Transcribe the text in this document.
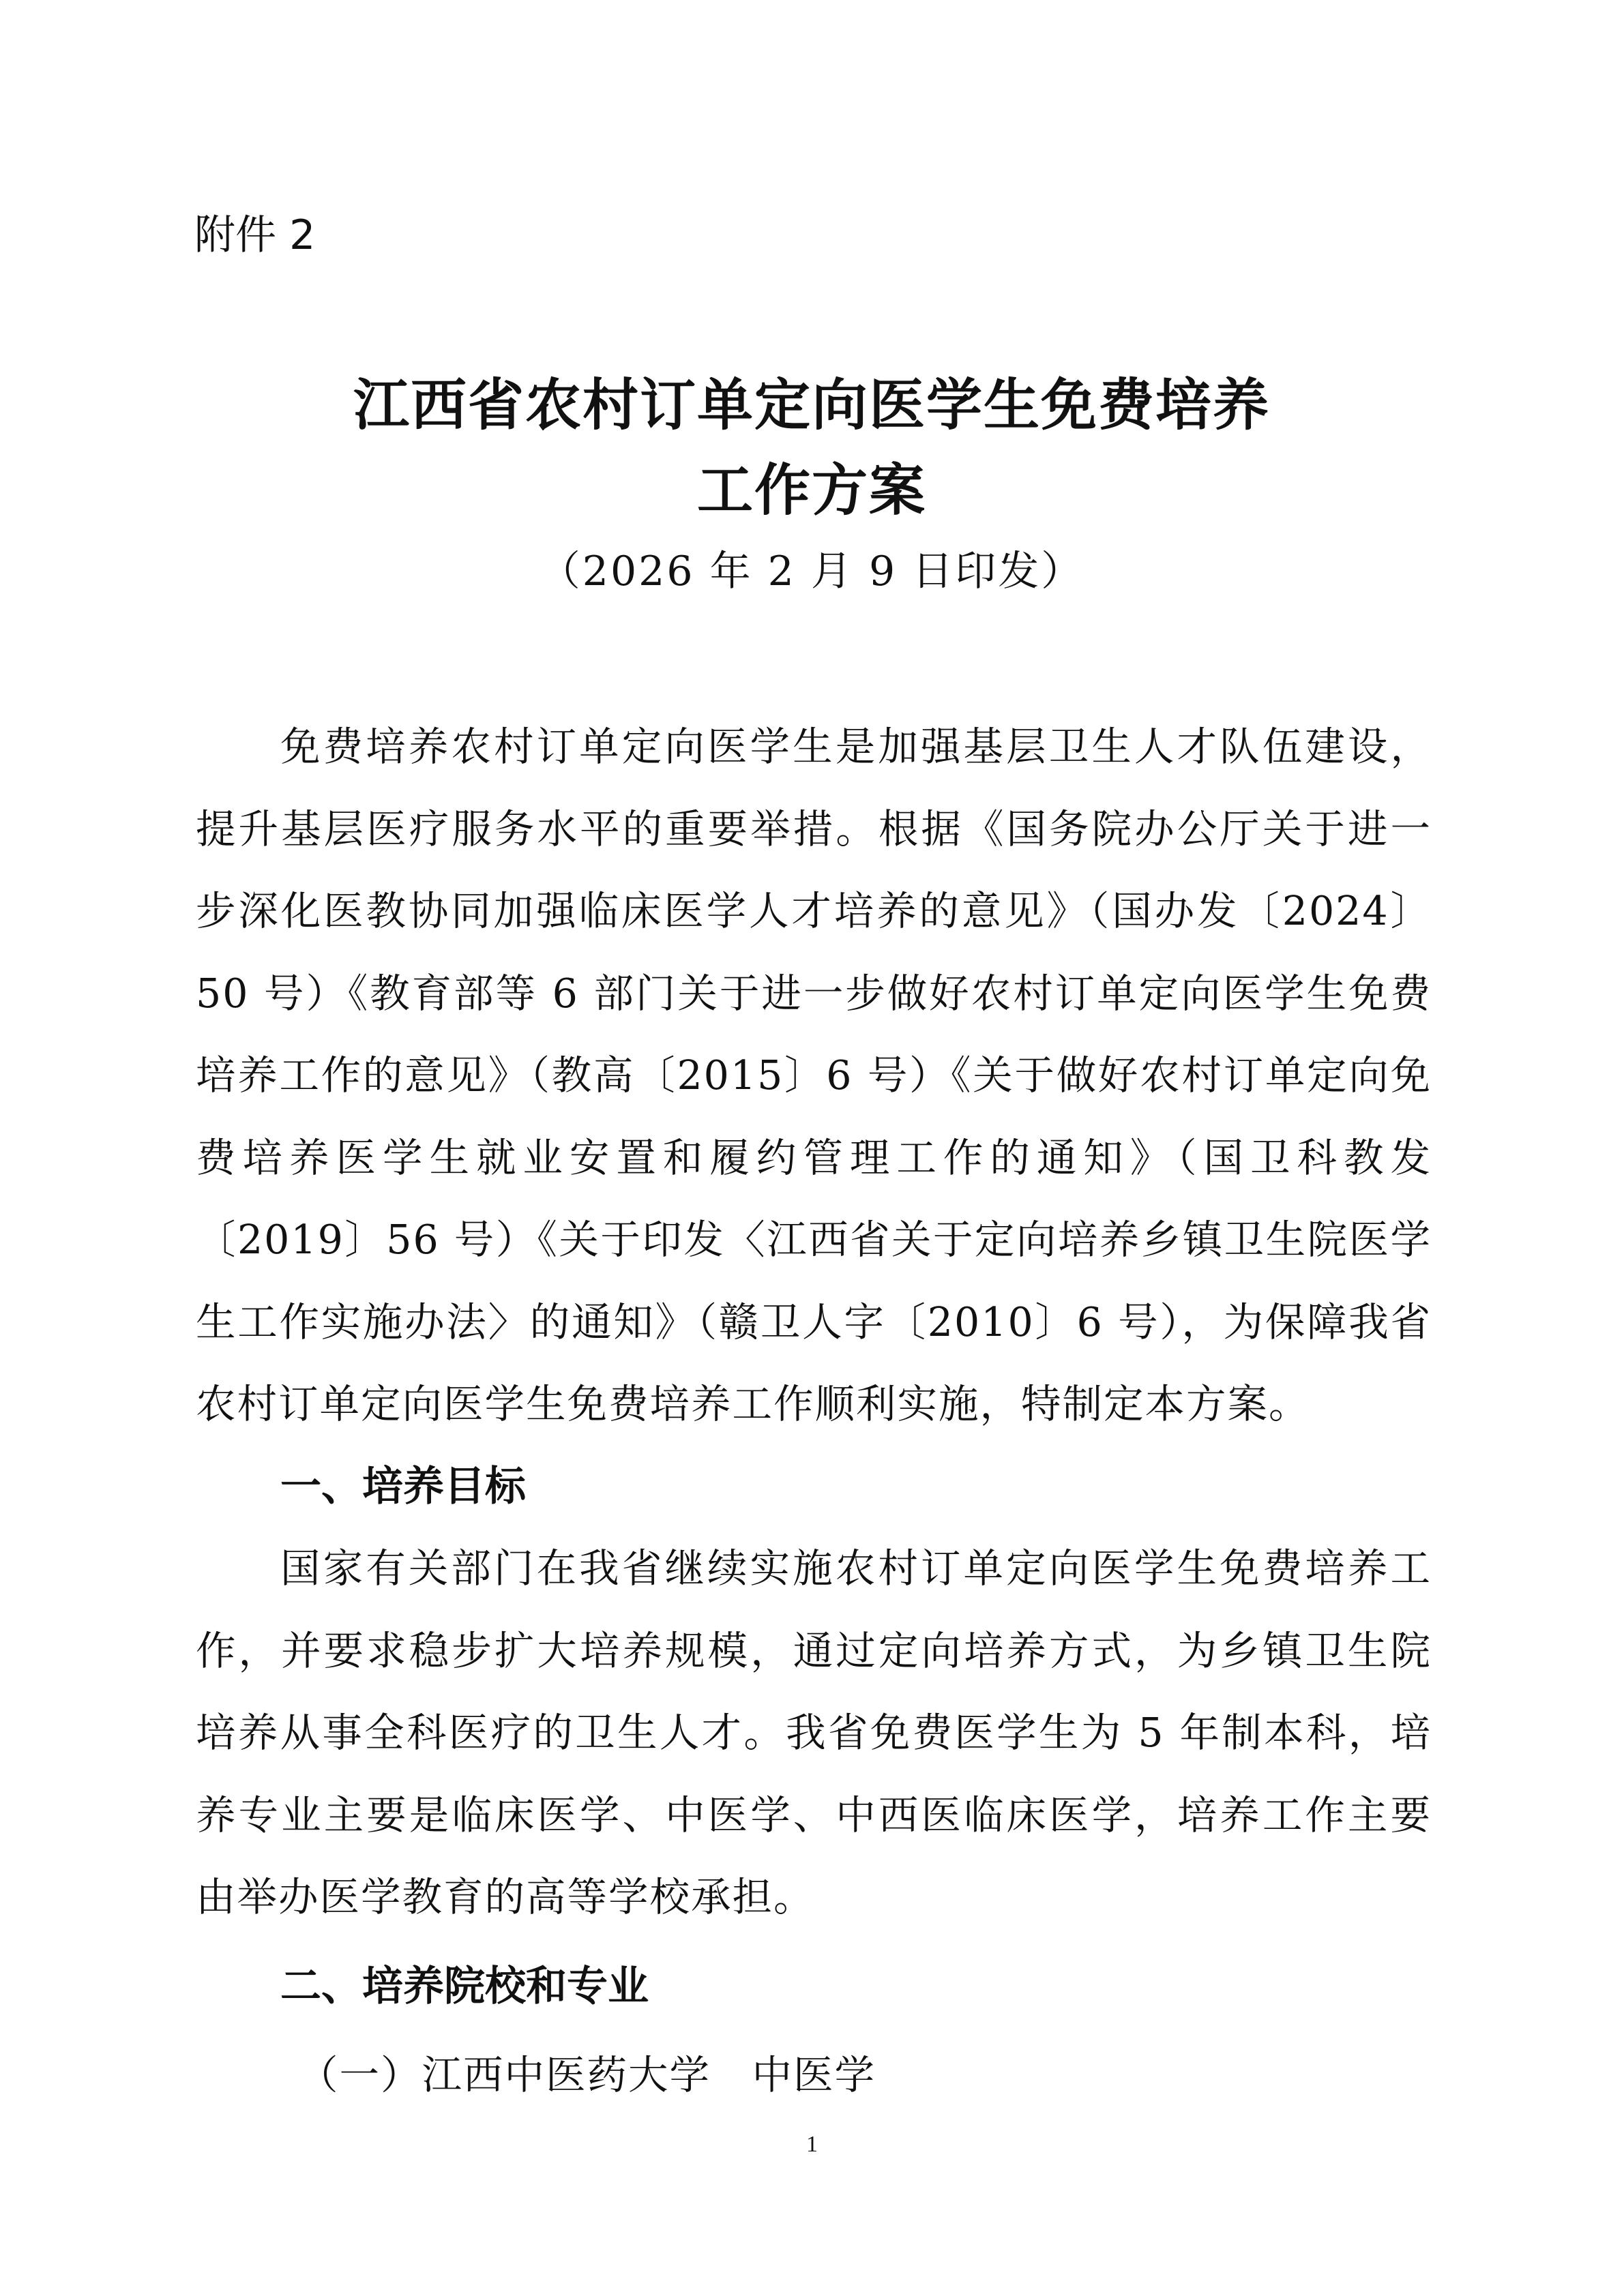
附件 2

江西省农村订单定向医学生免费培养
工作方案

（2026 年 2 月 9 日印发）

免费培养农村订单定向医学生是加强基层卫生人才队伍建设，提升基层医疗服务水平的重要举措。根据《国务院办公厅关于进一步深化医教协同加强临床医学人才培养的意见》（国办发〔2024〕50 号）《教育部等 6 部门关于进一步做好农村订单定向医学生免费培养工作的意见》（教高〔2015〕6 号）《关于做好农村订单定向免费培养医学生就业安置和履约管理工作的通知》（国卫科教发〔2019〕56 号）《关于印发〈江西省关于定向培养乡镇卫生院医学生工作实施办法〉的通知》（赣卫人字〔2010〕6 号），为保障我省农村订单定向医学生免费培养工作顺利实施，特制定本方案。

一、培养目标

国家有关部门在我省继续实施农村订单定向医学生免费培养工作，并要求稳步扩大培养规模，通过定向培养方式，为乡镇卫生院培养从事全科医疗的卫生人才。我省免费医学生为 5 年制本科，培养专业主要是临床医学、中医学、中西医临床医学，培养工作主要由举办医学教育的高等学校承担。

二、培养院校和专业

（一）江西中医药大学　中医学

1
